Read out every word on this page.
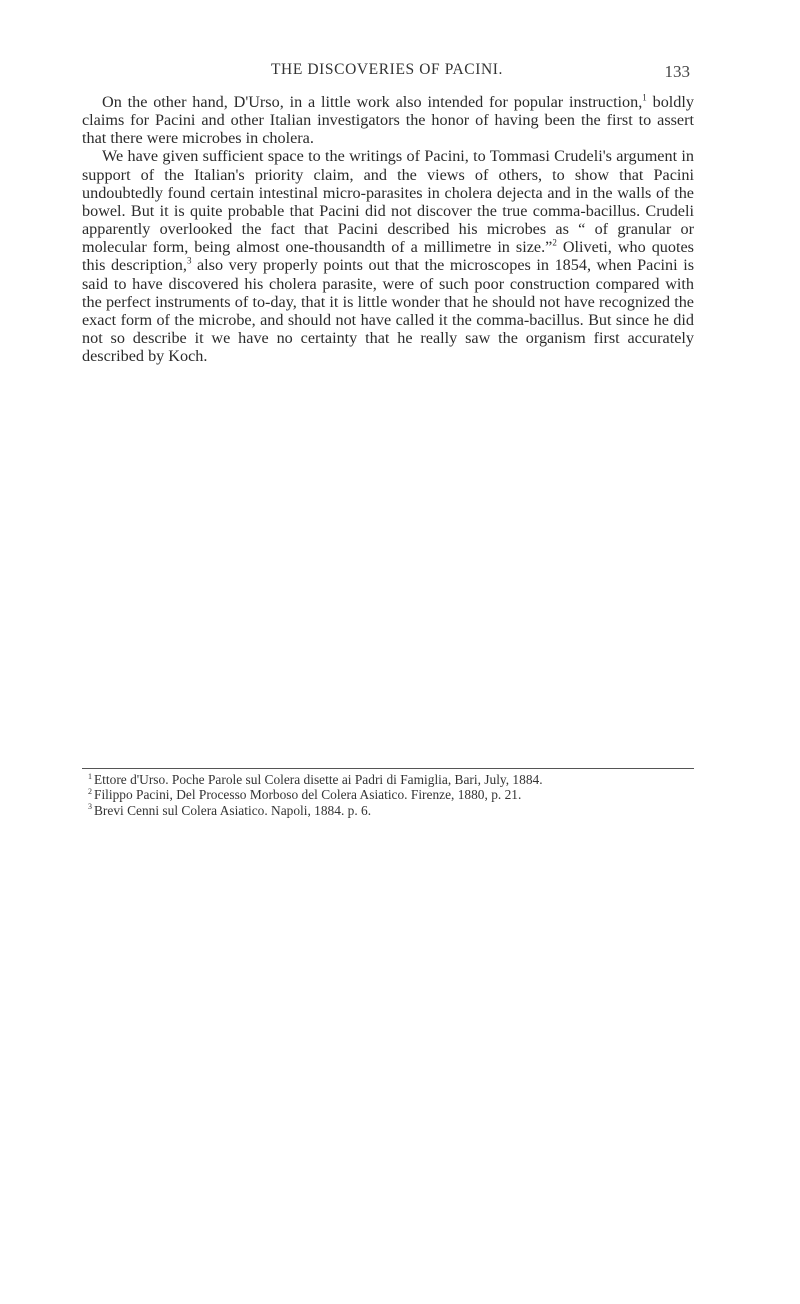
THE DISCOVERIES OF PACINI.	133

On the other hand, D'Urso, in a little work also intended for popular instruction,$^1$ boldly claims for Pacini and other Italian investigators the honor of having been the first to assert that there were microbes in cholera.

We have given sufficient space to the writings of Pacini, to Tommasi Crudeli's argument in support of the Italian's priority claim, and the views of others, to show that Pacini undoubtedly found certain intestinal micro-parasites in cholera dejecta and in the walls of the bowel. But it is quite probable that Pacini did not discover the true comma-bacillus. Crudeli apparently overlooked the fact that Pacini described his microbes as “ of granular or molecular form, being almost one-thousandth of a millimetre in size.”$^2$ Oliveti, who quotes this description,$^3$ also very properly points out that the microscopes in 1854, when Pacini is said to have discovered his cholera parasite, were of such poor construction compared with the perfect instruments of to-day, that it is little wonder that he should not have recognized the exact form of the microbe, and should not have called it the comma-bacillus. But since he did not so describe it we have no certainty that he really saw the organism first accurately described by Koch.

$^1$ Ettore d'Urso. Poche Parole sul Colera disette ai Padri di Famiglia, Bari, July, 1884.

$^2$ Filippo Pacini, Del Processo Morboso del Colera Asiatico. Firenze, 1880, p. 21.

$^3$ Brevi Cenni sul Colera Asiatico. Napoli, 1884. p. 6.
